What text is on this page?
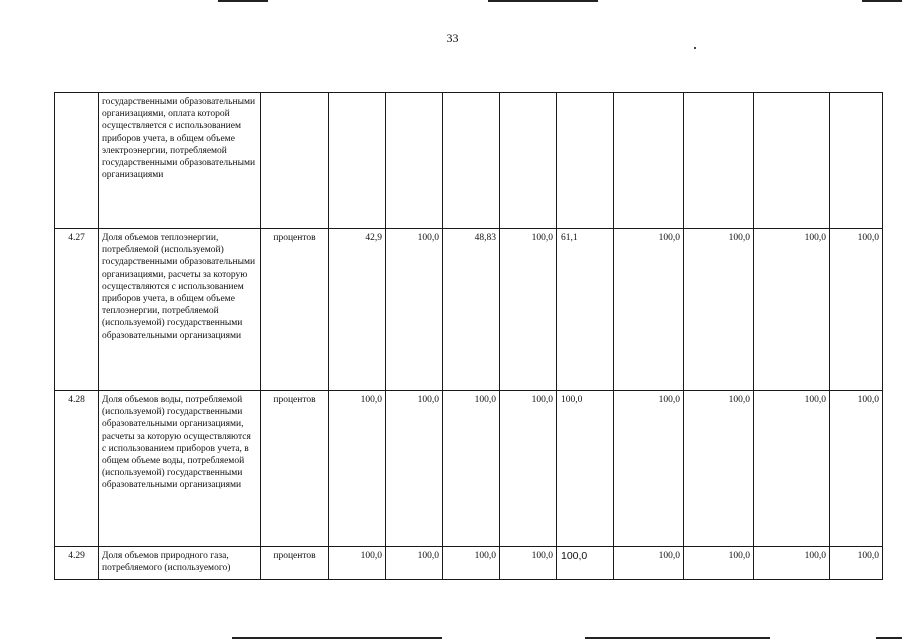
33
	государственными образовательными организациями, оплата которой осуществляется с использованием приборов учета, в общем объеме электроэнергии, потребляемой государственными образовательными организациями										
4.27	Доля объемов теплоэнергии, потребляемой (используемой) государственными образовательными организациями, расчеты за которую осуществляются с использованием приборов учета, в общем объеме теплоэнергии, потребляемой (используемой) государственными образовательными организациями	процентов	42,9	100,0	48,83	100,0	61,1	100,0	100,0	100,0	100,0
4.28	Доля объемов воды, потребляемой (используемой) государственными образовательными организациями, расчеты за которую осуществляются с использованием приборов учета, в общем объеме воды, потребляемой (используемой) государственными образовательными организациями	процентов	100,0	100,0	100,0	100,0	100,0	100,0	100,0	100,0	100,0
4.29	Доля объемов природного газа, потребляемого (используемого)	процентов	100,0	100,0	100,0	100,0	100,0	100,0	100,0	100,0	100,0
